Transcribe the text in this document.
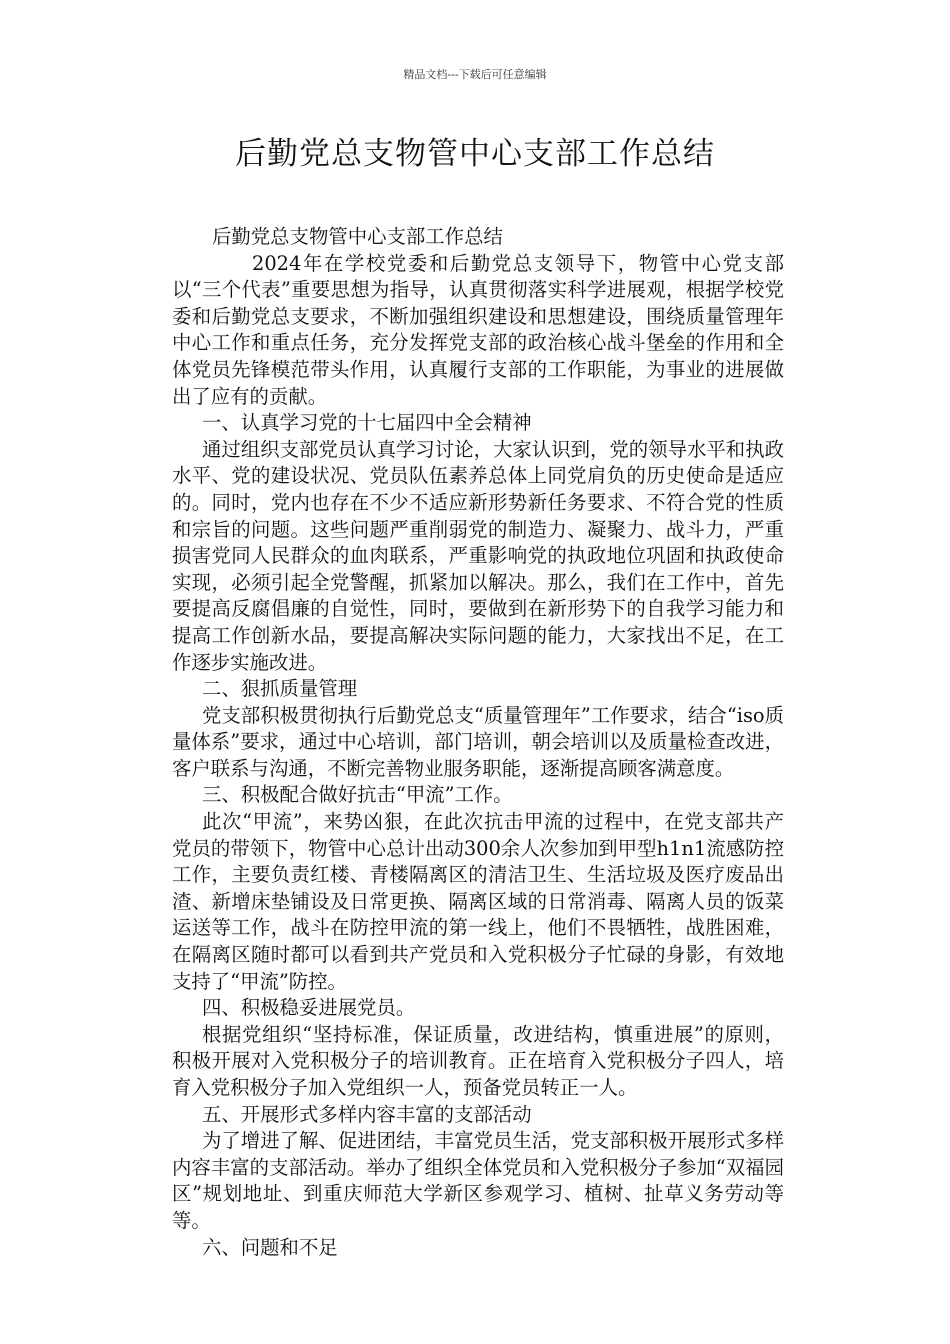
精品文档---下载后可任意编辑
后勤党总支物管中心支部工作总结

后勤党总支物管中心支部工作总结

2024年在学校党委和后勤党总支领导下，物管中心党支部以“三个代表”重要思想为指导，认真贯彻落实科学进展观，根据学校党委和后勤党总支要求，不断加强组织建设和思想建设，围绕质量管理年中心工作和重点任务，充分发挥党支部的政治核心战斗堡垒的作用和全体党员先锋模范带头作用，认真履行支部的工作职能，为事业的进展做出了应有的贡献。

一、认真学习党的十七届四中全会精神

通过组织支部党员认真学习讨论，大家认识到，党的领导水平和执政水平、党的建设状况、党员队伍素养总体上同党肩负的历史使命是适应的。同时，党内也存在不少不适应新形势新任务要求、不符合党的性质和宗旨的问题。这些问题严重削弱党的制造力、凝聚力、战斗力，严重损害党同人民群众的血肉联系，严重影响党的执政地位巩固和执政使命实现，必须引起全党警醒，抓紧加以解决。那么，我们在工作中，首先要提高反腐倡廉的自觉性，同时，要做到在新形势下的自我学习能力和提高工作创新水品，要提高解决实际问题的能力，大家找出不足，在工作逐步实施改进。

二、狠抓质量管理

党支部积极贯彻执行后勤党总支“质量管理年”工作要求，结合“iso质量体系”要求，通过中心培训，部门培训，朝会培训以及质量检查改进，客户联系与沟通，不断完善物业服务职能，逐渐提高顾客满意度。

三、积极配合做好抗击“甲流”工作。

此次“甲流”，来势凶狠，在此次抗击甲流的过程中，在党支部共产党员的带领下，物管中心总计出动300余人次参加到甲型h1n1流感防控工作，主要负责红楼、青楼隔离区的清洁卫生、生活垃圾及医疗废品出渣、新增床垫铺设及日常更换、隔离区域的日常消毒、隔离人员的饭菜运送等工作，战斗在防控甲流的第一线上，他们不畏牺牲，战胜困难，在隔离区随时都可以看到共产党员和入党积极分子忙碌的身影，有效地支持了“甲流”防控。

四、积极稳妥进展党员。

根据党组织“坚持标准，保证质量，改进结构，慎重进展”的原则，积极开展对入党积极分子的培训教育。正在培育入党积极分子四人，培育入党积极分子加入党组织一人，预备党员转正一人。

五、开展形式多样内容丰富的支部活动

为了增进了解、促进团结，丰富党员生活，党支部积极开展形式多样内容丰富的支部活动。举办了组织全体党员和入党积极分子参加“双福园区”规划地址、到重庆师范大学新区参观学习、植树、扯草义务劳动等等。

六、问题和不足
